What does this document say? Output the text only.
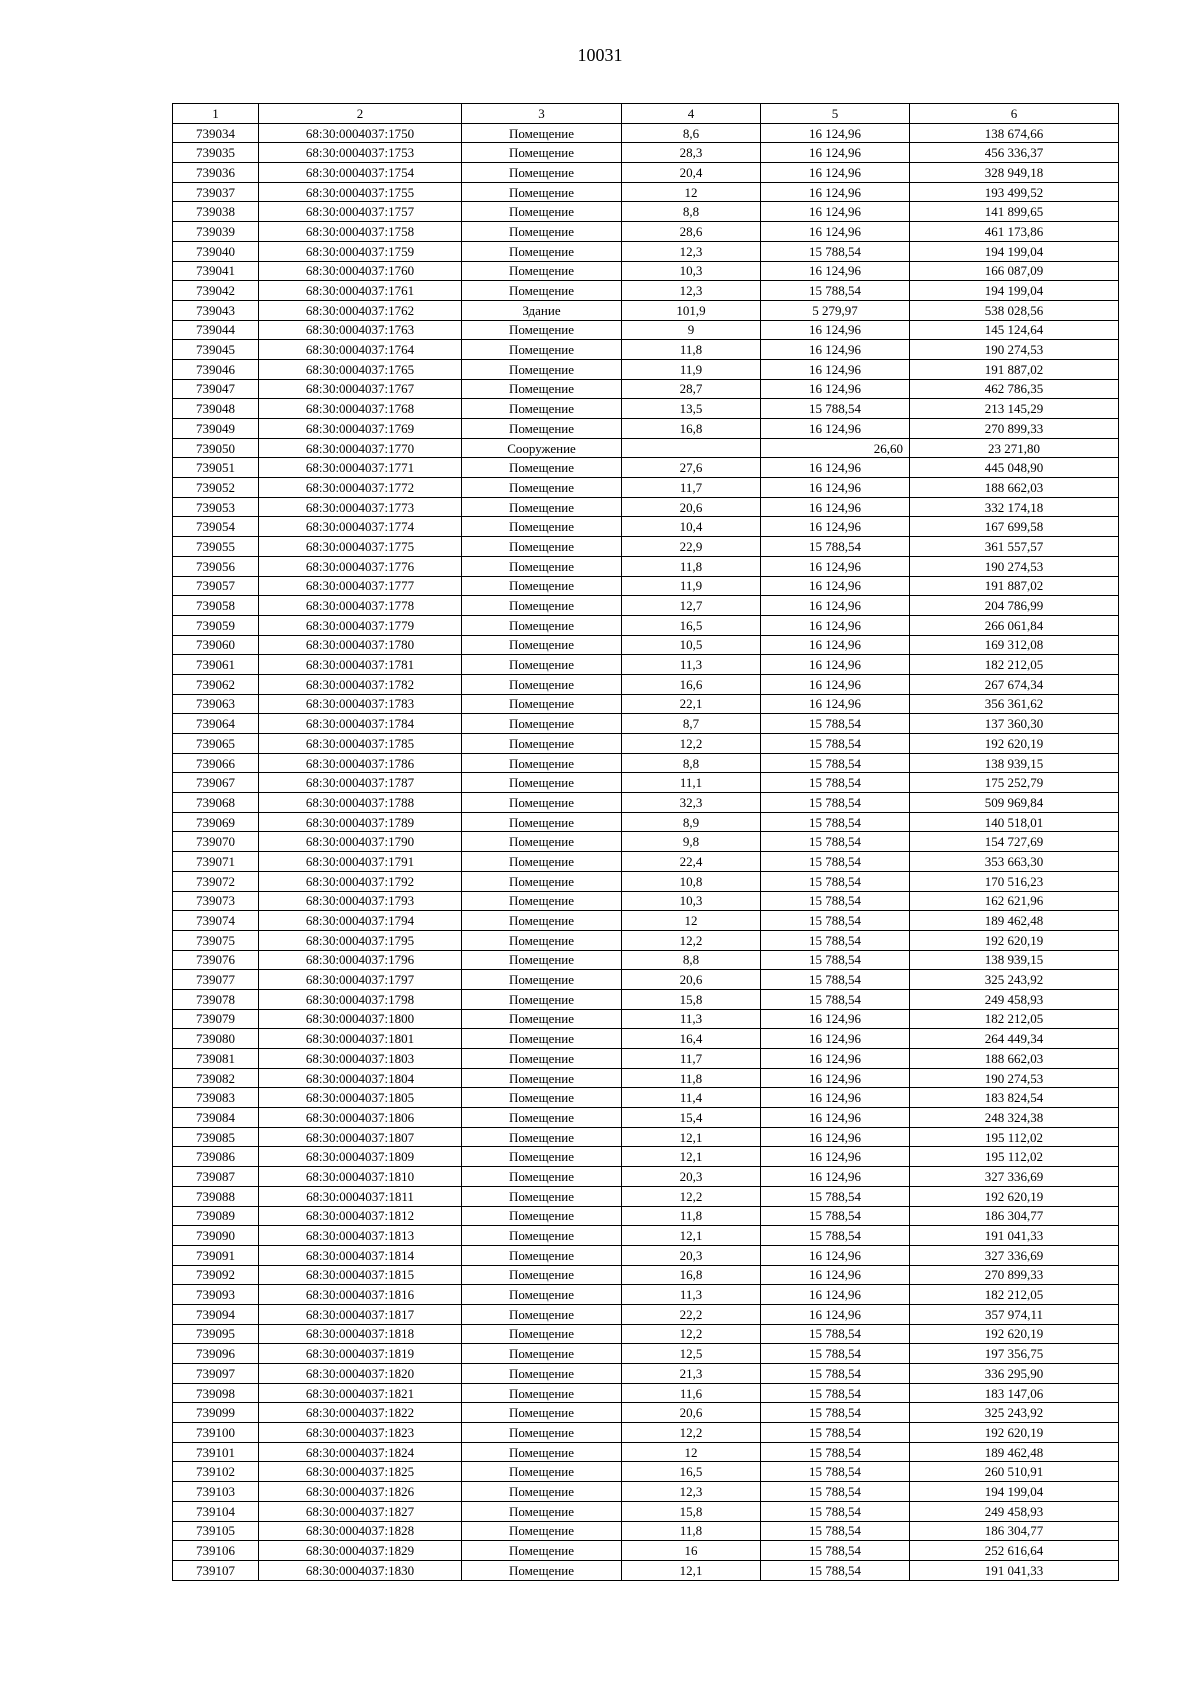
10031
1	2	3	4	5	6
739034	68:30:0004037:1750	Помещение	8,6	16 124,96	138 674,66
739035	68:30:0004037:1753	Помещение	28,3	16 124,96	456 336,37
739036	68:30:0004037:1754	Помещение	20,4	16 124,96	328 949,18
739037	68:30:0004037:1755	Помещение	12	16 124,96	193 499,52
739038	68:30:0004037:1757	Помещение	8,8	16 124,96	141 899,65
739039	68:30:0004037:1758	Помещение	28,6	16 124,96	461 173,86
739040	68:30:0004037:1759	Помещение	12,3	15 788,54	194 199,04
739041	68:30:0004037:1760	Помещение	10,3	16 124,96	166 087,09
739042	68:30:0004037:1761	Помещение	12,3	15 788,54	194 199,04
739043	68:30:0004037:1762	Здание	101,9	5 279,97	538 028,56
739044	68:30:0004037:1763	Помещение	9	16 124,96	145 124,64
739045	68:30:0004037:1764	Помещение	11,8	16 124,96	190 274,53
739046	68:30:0004037:1765	Помещение	11,9	16 124,96	191 887,02
739047	68:30:0004037:1767	Помещение	28,7	16 124,96	462 786,35
739048	68:30:0004037:1768	Помещение	13,5	15 788,54	213 145,29
739049	68:30:0004037:1769	Помещение	16,8	16 124,96	270 899,33
739050	68:30:0004037:1770	Сооружение		26,60	23 271,80
739051	68:30:0004037:1771	Помещение	27,6	16 124,96	445 048,90
739052	68:30:0004037:1772	Помещение	11,7	16 124,96	188 662,03
739053	68:30:0004037:1773	Помещение	20,6	16 124,96	332 174,18
739054	68:30:0004037:1774	Помещение	10,4	16 124,96	167 699,58
739055	68:30:0004037:1775	Помещение	22,9	15 788,54	361 557,57
739056	68:30:0004037:1776	Помещение	11,8	16 124,96	190 274,53
739057	68:30:0004037:1777	Помещение	11,9	16 124,96	191 887,02
739058	68:30:0004037:1778	Помещение	12,7	16 124,96	204 786,99
739059	68:30:0004037:1779	Помещение	16,5	16 124,96	266 061,84
739060	68:30:0004037:1780	Помещение	10,5	16 124,96	169 312,08
739061	68:30:0004037:1781	Помещение	11,3	16 124,96	182 212,05
739062	68:30:0004037:1782	Помещение	16,6	16 124,96	267 674,34
739063	68:30:0004037:1783	Помещение	22,1	16 124,96	356 361,62
739064	68:30:0004037:1784	Помещение	8,7	15 788,54	137 360,30
739065	68:30:0004037:1785	Помещение	12,2	15 788,54	192 620,19
739066	68:30:0004037:1786	Помещение	8,8	15 788,54	138 939,15
739067	68:30:0004037:1787	Помещение	11,1	15 788,54	175 252,79
739068	68:30:0004037:1788	Помещение	32,3	15 788,54	509 969,84
739069	68:30:0004037:1789	Помещение	8,9	15 788,54	140 518,01
739070	68:30:0004037:1790	Помещение	9,8	15 788,54	154 727,69
739071	68:30:0004037:1791	Помещение	22,4	15 788,54	353 663,30
739072	68:30:0004037:1792	Помещение	10,8	15 788,54	170 516,23
739073	68:30:0004037:1793	Помещение	10,3	15 788,54	162 621,96
739074	68:30:0004037:1794	Помещение	12	15 788,54	189 462,48
739075	68:30:0004037:1795	Помещение	12,2	15 788,54	192 620,19
739076	68:30:0004037:1796	Помещение	8,8	15 788,54	138 939,15
739077	68:30:0004037:1797	Помещение	20,6	15 788,54	325 243,92
739078	68:30:0004037:1798	Помещение	15,8	15 788,54	249 458,93
739079	68:30:0004037:1800	Помещение	11,3	16 124,96	182 212,05
739080	68:30:0004037:1801	Помещение	16,4	16 124,96	264 449,34
739081	68:30:0004037:1803	Помещение	11,7	16 124,96	188 662,03
739082	68:30:0004037:1804	Помещение	11,8	16 124,96	190 274,53
739083	68:30:0004037:1805	Помещение	11,4	16 124,96	183 824,54
739084	68:30:0004037:1806	Помещение	15,4	16 124,96	248 324,38
739085	68:30:0004037:1807	Помещение	12,1	16 124,96	195 112,02
739086	68:30:0004037:1809	Помещение	12,1	16 124,96	195 112,02
739087	68:30:0004037:1810	Помещение	20,3	16 124,96	327 336,69
739088	68:30:0004037:1811	Помещение	12,2	15 788,54	192 620,19
739089	68:30:0004037:1812	Помещение	11,8	15 788,54	186 304,77
739090	68:30:0004037:1813	Помещение	12,1	15 788,54	191 041,33
739091	68:30:0004037:1814	Помещение	20,3	16 124,96	327 336,69
739092	68:30:0004037:1815	Помещение	16,8	16 124,96	270 899,33
739093	68:30:0004037:1816	Помещение	11,3	16 124,96	182 212,05
739094	68:30:0004037:1817	Помещение	22,2	16 124,96	357 974,11
739095	68:30:0004037:1818	Помещение	12,2	15 788,54	192 620,19
739096	68:30:0004037:1819	Помещение	12,5	15 788,54	197 356,75
739097	68:30:0004037:1820	Помещение	21,3	15 788,54	336 295,90
739098	68:30:0004037:1821	Помещение	11,6	15 788,54	183 147,06
739099	68:30:0004037:1822	Помещение	20,6	15 788,54	325 243,92
739100	68:30:0004037:1823	Помещение	12,2	15 788,54	192 620,19
739101	68:30:0004037:1824	Помещение	12	15 788,54	189 462,48
739102	68:30:0004037:1825	Помещение	16,5	15 788,54	260 510,91
739103	68:30:0004037:1826	Помещение	12,3	15 788,54	194 199,04
739104	68:30:0004037:1827	Помещение	15,8	15 788,54	249 458,93
739105	68:30:0004037:1828	Помещение	11,8	15 788,54	186 304,77
739106	68:30:0004037:1829	Помещение	16	15 788,54	252 616,64
739107	68:30:0004037:1830	Помещение	12,1	15 788,54	191 041,33
